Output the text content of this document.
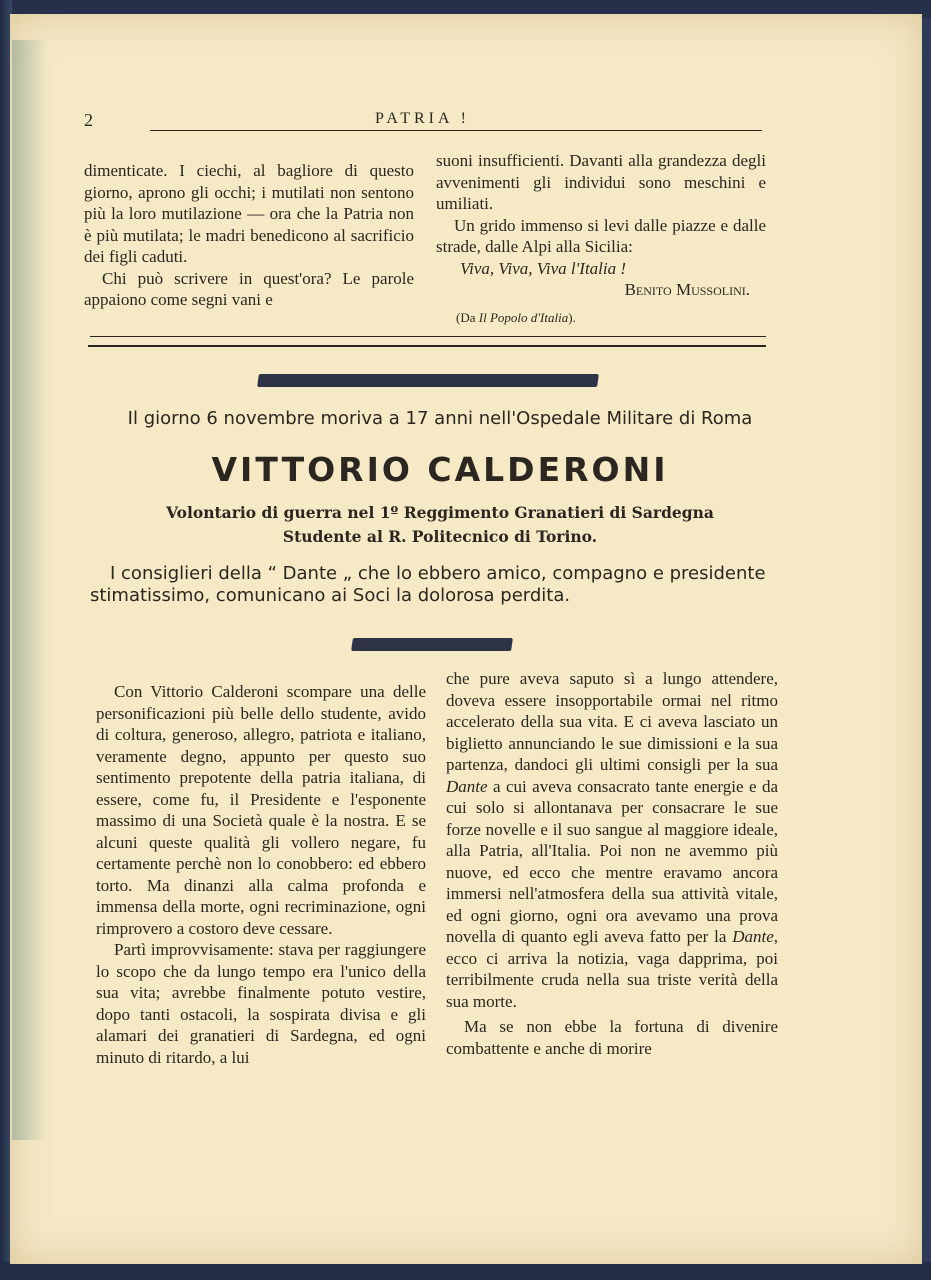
2	PATRIA !

dimenticate. I ciechi, al bagliore di questo giorno, aprono gli occhi; i mutilati non sentono più la loro mutilazione — ora che la Patria non è più mutilata; le madri benedicono al sacrificio dei figli caduti.

Chi può scrivere in quest'ora? Le parole appaiono come segni vani e

suoni insufficienti. Davanti alla grandezza degli avvenimenti gli individui sono meschini e umiliati.

Un grido immenso si levi dalle piazze e dalle strade, dalle Alpi alla Sicilia:

Viva, Viva, Viva l'Italia !

Benito Mussolini.

(Da Il Popolo d'Italia).

Il giorno 6 novembre moriva a 17 anni nell'Ospedale Militare di Roma
VITTORIO CALDERONI
Volontario di guerra nel 1º Reggimento Granatieri di Sardegna
Studente al R. Politecnico di Torino.

I consiglieri della “ Dante „ che lo ebbero amico, compagno e presidente stimatissimo, comunicano ai Soci la dolorosa perdita.

Con Vittorio Calderoni scompare una delle personificazioni più belle dello studente, avido di coltura, generoso, allegro, patriota e italiano, veramente degno, appunto per questo suo sentimento prepotente della patria italiana, di essere, come fu, il Presidente e l'esponente massimo di una Società quale è la nostra. E se alcuni queste qualità gli vollero negare, fu certamente perchè non lo conobbero: ed ebbero torto. Ma dinanzi alla calma profonda e immensa della morte, ogni recriminazione, ogni rimprovero a costoro deve cessare.

Partì improvvisamente: stava per raggiungere lo scopo che da lungo tempo era l'unico della sua vita; avrebbe finalmente potuto vestire, dopo tanti ostacoli, la sospirata divisa e gli alamari dei granatieri di Sardegna, ed ogni minuto di ritardo, a lui

che pure aveva saputo sì a lungo attendere, doveva essere insopportabile ormai nel ritmo accelerato della sua vita. E ci aveva lasciato un biglietto annunciando le sue dimissioni e la sua partenza, dandoci gli ultimi consigli per la sua Dante a cui aveva consacrato tante energie e da cui solo si allontanava per consacrare le sue forze novelle e il suo sangue al maggiore ideale, alla Patria, all'Italia. Poi non ne avemmo più nuove, ed ecco che mentre eravamo ancora immersi nell'atmosfera della sua attività vitale, ed ogni giorno, ogni ora avevamo una prova novella di quanto egli aveva fatto per la Dante, ecco ci arriva la notizia, vaga dapprima, poi terribilmente cruda nella sua triste verità della sua morte.

Ma se non ebbe la fortuna di divenire combattente e anche di morire
